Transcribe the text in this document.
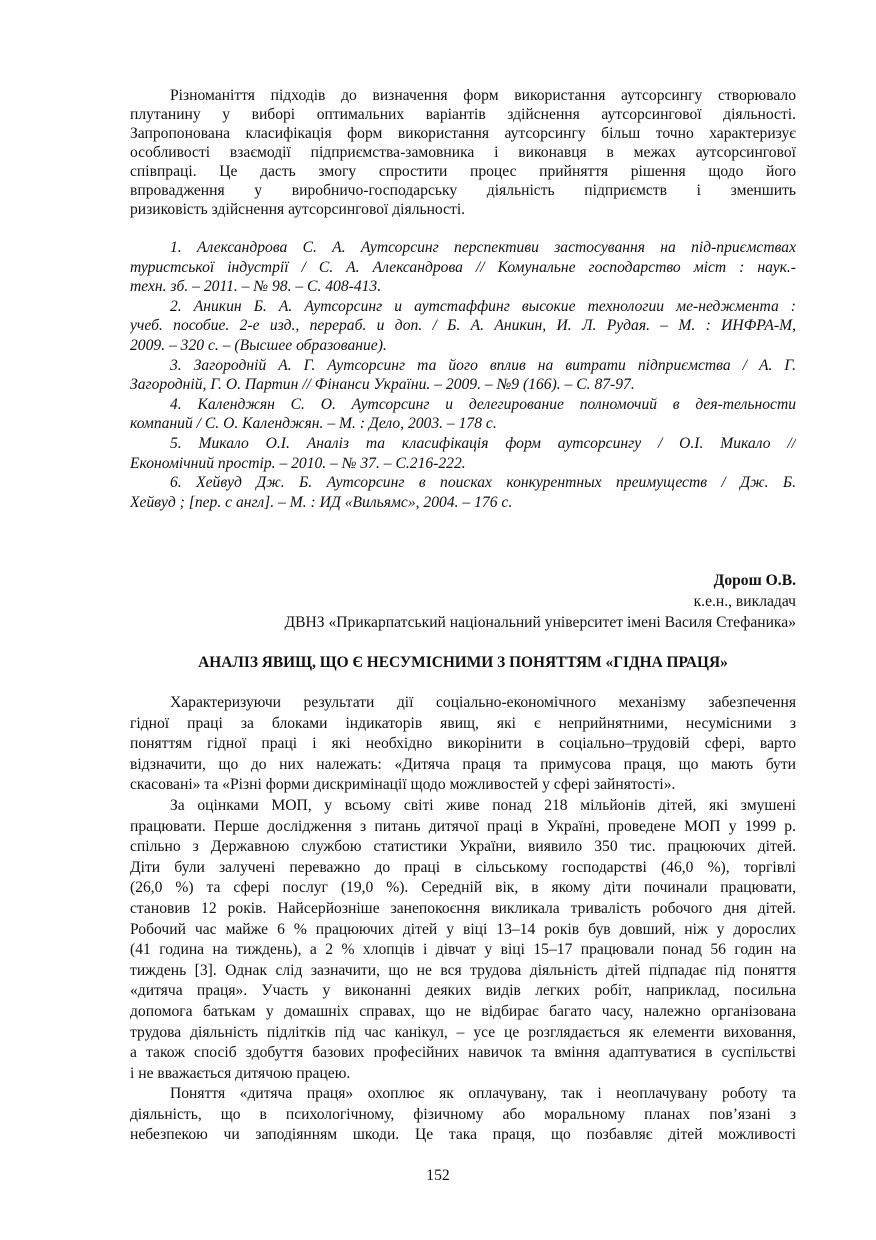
Різноманіття підходів до визначення форм використання аутсорсингу створювало
плутанину у виборі оптимальних варіантів здійснення аутсорсингової діяльності.
Запропонована класифікація форм використання аутсорсингу більш точно характеризує
особливості взаємодії підприємства-замовника і виконавця в межах аутсорсингової
співпраці. Це дасть змогу спростити процес прийняття рішення щодо його
впровадження у виробничо-господарську діяльність підприємств і зменшить
ризиковість здійснення аутсорсингової діяльності.
1. Александрова С. А. Аутсорсинг перспективи застосування на під-приємствах
туристської індустрії / С. А. Александрова // Комунальне господарство міст : наук.-
техн. зб. – 2011. – № 98. – С. 408-413.
2. Аникин Б. А. Аутсорсинг и аутстаффинг высокие технологии ме-неджмента :
учеб. пособие. 2-е изд., перераб. и доп. / Б. А. Аникин, И. Л. Рудая. – М. : ИНФРА-М,
2009. – 320 с. – (Высшее образование).
3. Загородній А. Г. Аутсорсинг та його вплив на витрати підприємства / А. Г.
Загородній, Г. О. Партин // Фінанси України. – 2009. – №9 (166). – С. 87-97.
4. Календжян С. О. Аутсорсинг и делегирование полномочий в дея-тельности
компаний / С. О. Календжян. – М. : Дело, 2003. – 178 с.
5. Микало О.І. Аналіз та класифікація форм аутсорсингу / О.І. Микало //
Економічний простір. – 2010. – № 37. – С.216-222.
6. Хейвуд Дж. Б. Аутсорсинг в поисках конкурентных преимуществ / Дж. Б.
Хейвуд ; [пер. с англ]. – М. : ИД «Вильямс», 2004. – 176 с.
Дорош О.В.
к.е.н., викладач
ДВНЗ «Прикарпатський національний університет імені Василя Стефаника»
АНАЛІЗ ЯВИЩ, ЩО Є НЕСУМІСНИМИ З ПОНЯТТЯМ «ГІДНА ПРАЦЯ»
Характеризуючи результати дії соціально-економічного механізму забезпечення
гідної праці за блоками індикаторів явищ, які є неприйнятними, несумісними з
поняттям гідної праці і які необхідно викорінити в соціально–трудовій сфері, варто
відзначити, що до них належать: «Дитяча праця та примусова праця, що мають бути
скасовані» та «Різні форми дискримінації щодо можливостей у сфері зайнятості».
За оцінками МОП, у всьому світі живе понад 218 мільйонів дітей, які змушені
працювати. Перше дослідження з питань дитячої праці в Україні, проведене МОП у 1999 р.
спільно з Державною службою статистики України, виявило 350 тис. працюючих дітей.
Діти були залучені переважно до праці в сільському господарстві (46,0 %), торгівлі
(26,0 %) та сфері послуг (19,0 %). Середній вік, в якому діти починали працювати,
становив 12 років. Найсерйозніше занепокоєння викликала тривалість робочого дня дітей.
Робочий час майже 6 % працюючих дітей у віці 13–14 років був довший, ніж у дорослих
(41 година на тиждень), а 2 % хлопців і дівчат у віці 15–17 працювали понад 56 годин на
тиждень [3]. Однак слід зазначити, що не вся трудова діяльність дітей підпадає під поняття
«дитяча праця». Участь у виконанні деяких видів легких робіт, наприклад, посильна
допомога батькам у домашніх справах, що не відбирає багато часу, належно організована
трудова діяльність підлітків під час канікул, – усе це розглядається як елементи виховання,
а також спосіб здобуття базових професійних навичок та вміння адаптуватися в суспільстві
і не вважається дитячою працею.
Поняття «дитяча праця» охоплює як оплачувану, так і неоплачувану роботу та
діяльність, що в психологічному, фізичному або моральному планах пов’язані з
небезпекою чи заподіянням шкоди. Це така праця, що позбавляє дітей можливості
152
